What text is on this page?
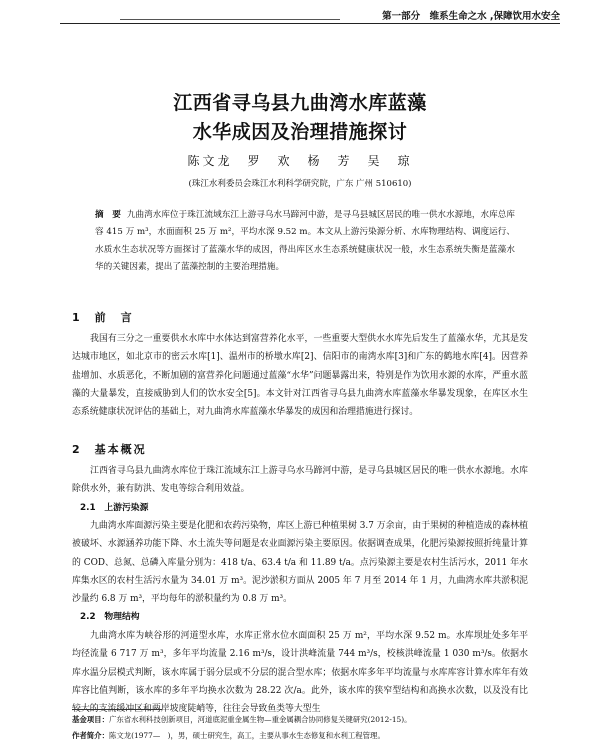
第一部分　维系生命之水 ,保障饮用水安全
江西省寻乌县九曲湾水库蓝藻
水华成因及治理措施探讨
陈文龙　罗　欢　杨　芳　吴　琼
(珠江水利委员会珠江水利科学研究院，广东 广州 510610)
摘　要 九曲湾水库位于珠江流域东江上游寻乌水马蹄河中游，是寻乌县城区居民的唯一供水水源地，水库总库容 415 万 m³，水面面积 25 万 m²，平均水深 9.52 m。本文从上游污染源分析、水库物理结构、调度运行、水质水生态状况等方面探讨了蓝藻水华的成因，得出库区水生态系统健康状况一般，水生态系统失衡是蓝藻水华的关键因素，提出了蓝藻控制的主要治理措施。
1　前　言
我国有三分之一重要供水水库中水体达到富营养化水平，一些重要大型供水水库先后发生了蓝藻水华，尤其是发达城市地区，如北京市的密云水库[1]、温州市的桥墩水库[2]、信阳市的南湾水库[3]和广东的鹤地水库[4]。因营养盐增加、水质恶化，不断加剧的富营养化问题通过蓝藻“水华”问题暴露出来，特别是作为饮用水源的水库，严重水蓝藻的大量暴发，直接威胁到人们的饮水安全[5]。本文针对江西省寻乌县九曲湾水库蓝藻水华暴发现象，在库区水生态系统健康状况评估的基础上，对九曲湾水库蓝藻水华暴发的成因和治理措施进行探讨。
2　基本概况
江西省寻乌县九曲湾水库位于珠江流域东江上游寻乌水马蹄河中游，是寻乌县城区居民的唯一供水水源地。水库除供水外，兼有防洪、发电等综合利用效益。
2.1　上游污染源
九曲湾水库面源污染主要是化肥和农药污染物，库区上游已种植果树 3.7 万余亩，由于果树的种植造成的森林植被破坏、水源涵养功能下降、水土流失等问题是农业面源污染主要原因。依据调查成果，化肥污染源按照折纯量计算的 COD、总氮、总磷入库量分别为：418 t/a、63.4 t/a 和 11.89 t/a。点污染源主要是农村生活污水，2011 年水库集水区的农村生活污水量为 34.01 万 m³。泥沙淤积方面从 2005 年 7 月至 2014 年 1 月，九曲湾水库共淤积泥沙量约 6.8 万 m³，平均每年的淤积量约为 0.8 万 m³。
2.2　物理结构
九曲湾水库为峡谷形的河道型水库，水库正常水位水面面积 25 万 m²，平均水深 9.52 m。水库坝址处多年平均径流量 6 717 万 m³，多年平均流量 2.16 m³/s，设计洪峰流量 744 m³/s，校核洪峰流量 1 030 m³/s。依据水库水温分层模式判断，该水库属于弱分层或不分层的混合型水库；依据水库多年平均流量与水库库容计算水库年有效库容比值判断，该水库的多年平均换水次数为 28.22 次/a。此外，该水库的狭窄型结构和高换水次数，以及没有比较大的支流缓冲区和两岸坡度陡峭等，往往会导致鱼类等大型生
基金项目：广东省水利科技创新项目，河道底泥重金属生物—重金属耦合协同修复关键研究(2012-15)。
作者简介：陈文龙(1977—　)，男，硕士研究生，高工，主要从事水生态修复和水利工程管理。
